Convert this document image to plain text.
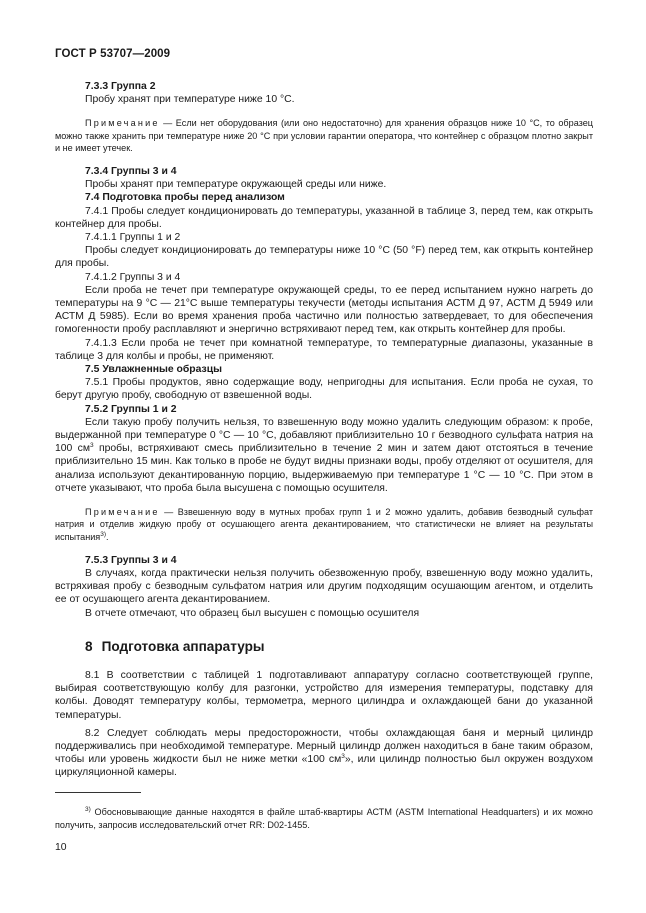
ГОСТ Р 53707—2009

7.3.3 Группа 2

Пробу хранят при температуре ниже 10 °С.

Примечание — Если нет оборудования (или оно недостаточно) для хранения образцов ниже 10 °С, то образец можно также хранить при температуре ниже 20 °С при условии гарантии оператора, что контейнер с образцом плотно закрыт и не имеет утечек.

7.3.4 Группы 3 и 4

Пробы хранят при температуре окружающей среды или ниже.

7.4 Подготовка пробы перед анализом

7.4.1 Пробы следует кондиционировать до температуры, указанной в таблице 3, перед тем, как открыть контейнер для пробы.

7.4.1.1 Группы 1 и 2

Пробы следует кондиционировать до температуры ниже 10 °С (50 °F) перед тем, как открыть контейнер для пробы.

7.4.1.2 Группы 3 и 4

Если проба не течет при температуре окружающей среды, то ее перед испытанием нужно нагреть до температуры на 9 °С — 21°С выше температуры текучести (методы испытания АСТМ Д 97, АСТМ Д 5949 или АСТМ Д 5985). Если во время хранения проба частично или полностью затвердевает, то для обеспечения гомогенности пробу расплавляют и энергично встряхивают перед тем, как открыть контейнер для пробы.

7.4.1.3 Если проба не течет при комнатной температуре, то температурные диапазоны, указанные в таблице 3 для колбы и пробы, не применяют.

7.5 Увлажненные образцы

7.5.1 Пробы продуктов, явно содержащие воду, непригодны для испытания. Если проба не сухая, то берут другую пробу, свободную от взвешенной воды.

7.5.2 Группы 1 и 2

Если такую пробу получить нельзя, то взвешенную воду можно удалить следующим образом: к пробе, выдержанной при температуре 0 °С — 10 °С, добавляют приблизительно 10 г безводного сульфата натрия на 100 $см^3$ пробы, встряхивают смесь приблизительно в течение 2 мин и затем дают отстояться в течение приблизительно 15 мин. Как только в пробе не будут видны признаки воды, пробу отделяют от осушителя, для анализа используют декантированную порцию, выдерживаемую при температуре 1 °С — 10 °С. При этом в отчете указывают, что проба была высушена с помощью осушителя.

Примечание — Взвешенную воду в мутных пробах групп 1 и 2 можно удалить, добавив безводный сульфат натрия и отделив жидкую пробу от осушающего агента декантированием, что статистически не влияет на результаты испытания$^{3)}$.

7.5.3 Группы 3 и 4

В случаях, когда практически нельзя получить обезвоженную пробу, взвешенную воду можно удалить, встряхивая пробу с безводным сульфатом натрия или другим подходящим осушающим агентом, и отделить ее от осушающего агента декантированием.

В отчете отмечают, что образец был высушен с помощью осушителя

8 Подготовка аппаратуры

8.1 В соответствии с таблицей 1 подготавливают аппаратуру согласно соответствующей группе, выбирая соответствующую колбу для разгонки, устройство для измерения температуры, подставку для колбы. Доводят температуру колбы, термометра, мерного цилиндра и охлаждающей бани до указанной температуры.

8.2 Следует соблюдать меры предосторожности, чтобы охлаждающая баня и мерный цилиндр поддерживались при необходимой температуре. Мерный цилиндр должен находиться в бане таким образом, чтобы или уровень жидкости был не ниже метки «100 $см^3$», или цилиндр полностью был окружен воздухом циркуляционной камеры.

$^{3)}$ Обосновывающие данные находятся в файле штаб-квартиры АСТМ (ASTM International Headquarters) и их можно получить, запросив исследовательский отчет RR: D02-1455.

10
